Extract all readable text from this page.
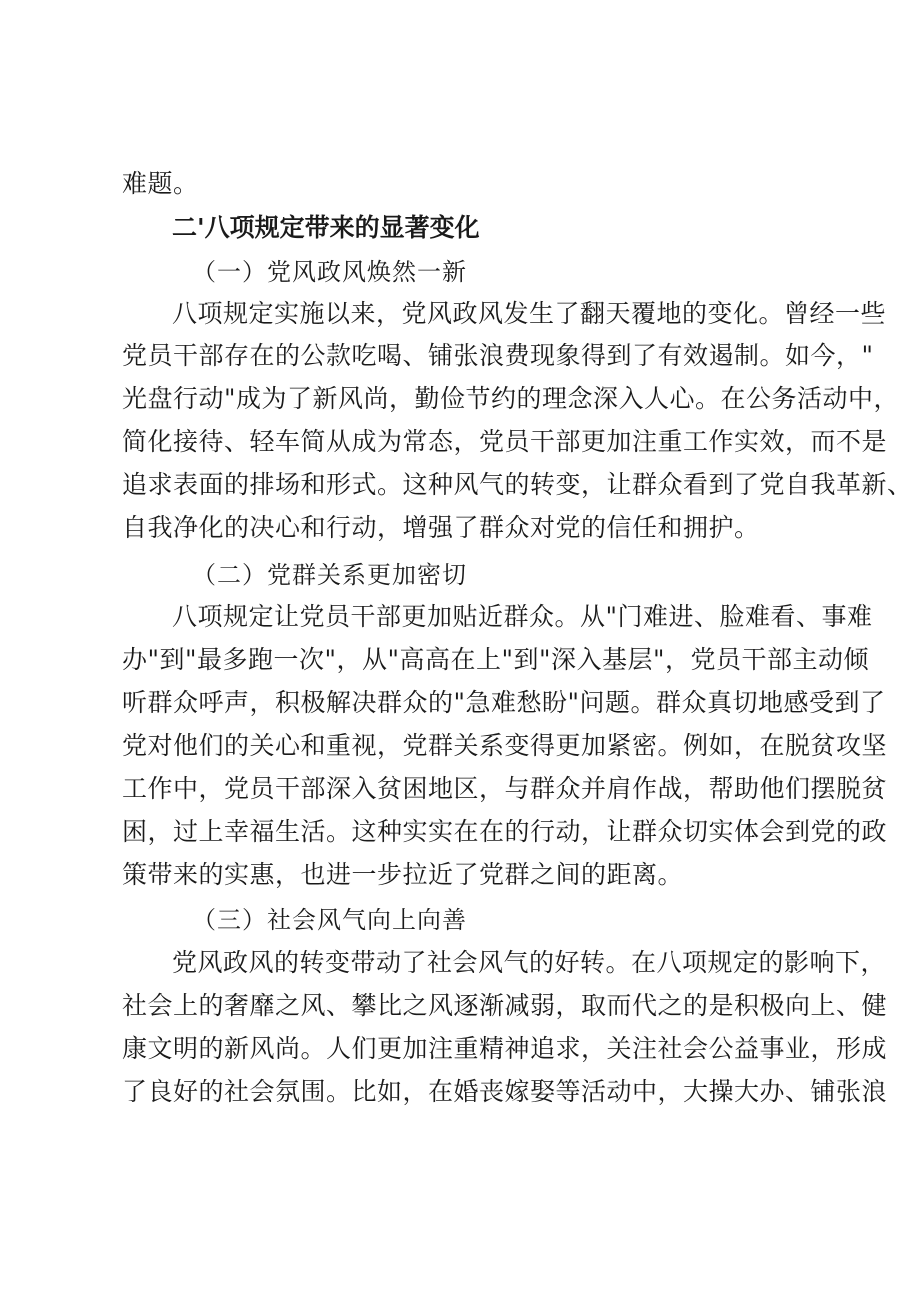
难题。
二'八项规定带来的显著变化
（一）党风政风焕然一新
八项规定实施以来，党风政风发生了翻天覆地的变化。曾经一些
党员干部存在的公款吃喝、铺张浪费现象得到了有效遏制。如今，"
光盘行动"成为了新风尚，勤俭节约的理念深入人心。在公务活动中，
简化接待、轻车简从成为常态，党员干部更加注重工作实效，而不是
追求表面的排场和形式。这种风气的转变，让群众看到了党自我革新、
自我净化的决心和行动，增强了群众对党的信任和拥护。
（二）党群关系更加密切
八项规定让党员干部更加贴近群众。从"门难进、脸难看、事难
办"到"最多跑一次"，从"高高在上"到"深入基层"，党员干部主动倾
听群众呼声，积极解决群众的"急难愁盼"问题。群众真切地感受到了
党对他们的关心和重视，党群关系变得更加紧密。例如，在脱贫攻坚
工作中，党员干部深入贫困地区，与群众并肩作战，帮助他们摆脱贫
困，过上幸福生活。这种实实在在的行动，让群众切实体会到党的政
策带来的实惠，也进一步拉近了党群之间的距离。
（三）社会风气向上向善
党风政风的转变带动了社会风气的好转。在八项规定的影响下，
社会上的奢靡之风、攀比之风逐渐减弱，取而代之的是积极向上、健
康文明的新风尚。人们更加注重精神追求，关注社会公益事业，形成
了良好的社会氛围。比如，在婚丧嫁娶等活动中，大操大办、铺张浪
